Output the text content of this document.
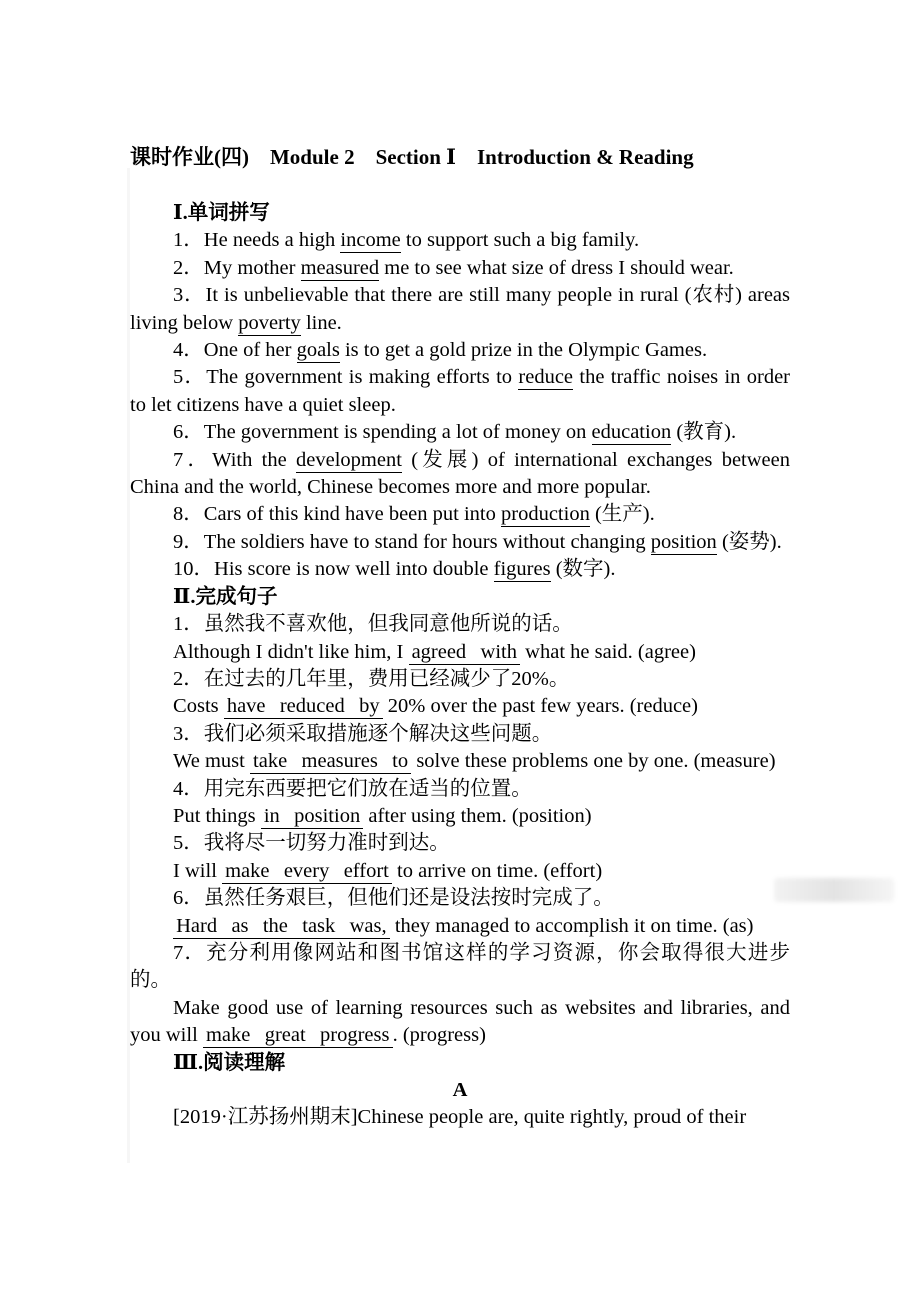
课时作业(四)　Module 2　Section Ⅰ　Introduction & Reading

Ⅰ.单词拼写

1．He needs a high income to support such a big family.

2．My mother measured me to see what size of dress I should wear.

3．It is unbelievable that there are still many people in rural (农村) areas living below poverty line.

4．One of her goals is to get a gold prize in the Olympic Games.

5．The government is making efforts to reduce the traffic noises in order to let citizens have a quiet sleep.

6．The government is spending a lot of money on education (教育).

7．With the development (发展) of international exchanges between China and the world, Chinese becomes more and more popular.

8．Cars of this kind have been put into production (生产).

9．The soldiers have to stand for hours without changing position (姿势).

10．His score is now well into double figures (数字).

Ⅱ.完成句子

1．虽然我不喜欢他，但我同意他所说的话。

Although I didn't like him, I agreed with what he said. (agree)

2．在过去的几年里，费用已经减少了20%。

Costs have reduced by 20% over the past few years. (reduce)

3．我们必须采取措施逐个解决这些问题。

We must take measures to solve these problems one by one. (measure)

4．用完东西要把它们放在适当的位置。

Put things in position after using them. (position)

5．我将尽一切努力准时到达。

I will make every effort to arrive on time. (effort)

6．虽然任务艰巨，但他们还是设法按时完成了。

Hard as the task was, they managed to accomplish it on time. (as)

7．充分利用像网站和图书馆这样的学习资源，你会取得很大进步的。

Make good use of learning resources such as websites and libraries, and you will make great progress . (progress)

Ⅲ.阅读理解

A

[2019·江苏扬州期末]Chinese people are, quite rightly, proud of their
